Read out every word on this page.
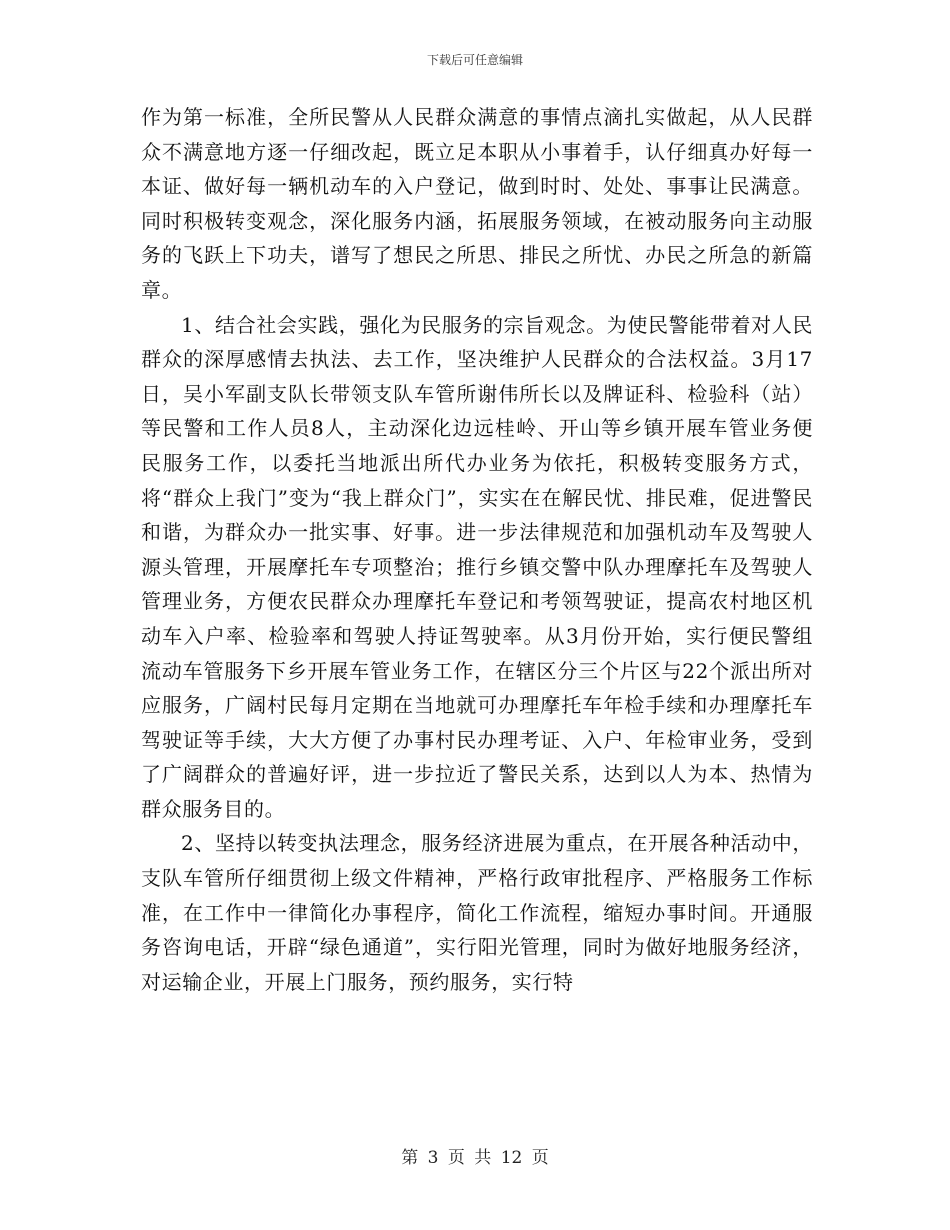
下载后可任意编辑

作为第一标准，全所民警从人民群众满意的事情点滴扎实做起，从人民群众不满意地方逐一仔细改起，既立足本职从小事着手，认仔细真办好每一本证、做好每一辆机动车的入户登记，做到时时、处处、事事让民满意。同时积极转变观念，深化服务内涵，拓展服务领域，在被动服务向主动服务的飞跃上下功夫，谱写了想民之所思、排民之所忧、办民之所急的新篇章。

1、结合社会实践，强化为民服务的宗旨观念。为使民警能带着对人民群众的深厚感情去执法、去工作，坚决维护人民群众的合法权益。3月17日，吴小军副支队长带领支队车管所谢伟所长以及牌证科、检验科（站）等民警和工作人员8人，主动深化边远桂岭、开山等乡镇开展车管业务便民服务工作，以委托当地派出所代办业务为依托，积极转变服务方式，将“群众上我门”变为“我上群众门”，实实在在解民忧、排民难，促进警民和谐，为群众办一批实事、好事。进一步法律规范和加强机动车及驾驶人源头管理，开展摩托车专项整治；推行乡镇交警中队办理摩托车及驾驶人管理业务，方便农民群众办理摩托车登记和考领驾驶证，提高农村地区机动车入户率、检验率和驾驶人持证驾驶率。从3月份开始，实行便民警组流动车管服务下乡开展车管业务工作，在辖区分三个片区与22个派出所对应服务，广阔村民每月定期在当地就可办理摩托车年检手续和办理摩托车驾驶证等手续，大大方便了办事村民办理考证、入户、年检审业务，受到了广阔群众的普遍好评，进一步拉近了警民关系，达到以人为本、热情为群众服务目的。

2、坚持以转变执法理念，服务经济进展为重点，在开展各种活动中，支队车管所仔细贯彻上级文件精神，严格行政审批程序、严格服务工作标准，在工作中一律简化办事程序，简化工作流程，缩短办事时间。开通服务咨询电话，开辟“绿色通道”，实行阳光管理，同时为做好地服务经济，对运输企业，开展上门服务，预约服务，实行特

第 3 页 共 12 页
